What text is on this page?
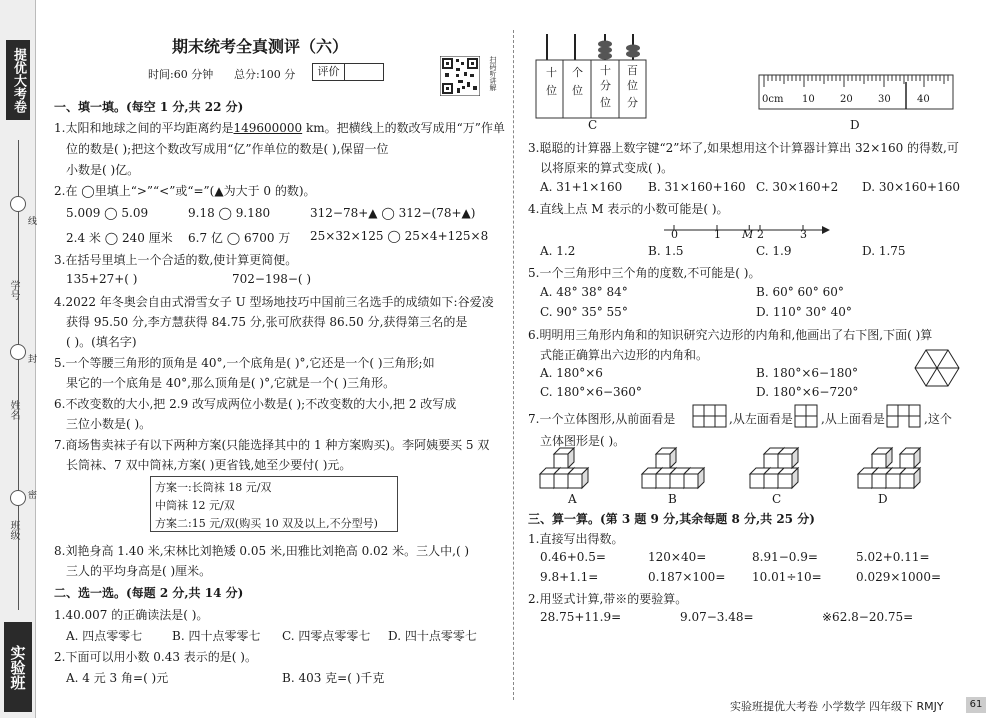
提优大考卷
学号
姓名
班级
实验班
线
封
密
期末统考全真测评（六）
时间:60 分钟 总分:100 分	评价	扫码听讲解
一、填一填。(每空 1 分,共 22 分)
1.太阳和地球之间的平均距离约是149600000 km。把横线上的数改写成用“万”作单
位的数是( );把这个数改写成用“亿”作单位的数是( ),保留一位
小数是( )亿。
2.在 ◯里填上“>”“<”或“=”(▲为大于 0 的数)。
5.009 ◯ 5.09	9.18 ◯ 9.180	312−78+▲ ◯ 312−(78+▲)
2.4 米 ◯ 240 厘米 6.7 亿 ◯ 6700 万 25×32×125 ◯ 25×4+125×8
3.在括号里填上一个合适的数,使计算更简便。
135+27+( )	702−198−( )
4.2022 年冬奥会自由式滑雪女子 U 型场地技巧中国前三名选手的成绩如下:谷爱凌
获得 95.50 分,李方慧获得 84.75 分,张可欣获得 86.50 分,获得第三名的是
( )。(填名字)
5.一个等腰三角形的顶角是 40°,一个底角是( )°,它还是一个( )三角形;如
果它的一个底角是 40°,那么顶角是( )°,它就是一个( )三角形。
6.不改变数的大小,把 2.9 改写成两位小数是( );不改变数的大小,把 2 改写成
三位小数是( )。
7.商场售卖袜子有以下两种方案(只能选择其中的 1 种方案购买)。李阿姨要买 5 双
长筒袜、7 双中筒袜,方案( )更省钱,她至少要付( )元。
方案一:长筒袜 18 元/双
中筒袜 12 元/双
方案二:15 元/双(购买 10 双及以上,不分型号)
8.刘艳身高 1.40 米,宋林比刘艳矮 0.05 米,田雅比刘艳高 0.02 米。三人中,( )
三人的平均身高是( )厘米。
二、选一选。(每题 2 分,共 14 分)
1.40.007 的正确读法是( )。
A. 四点零零七 B. 四十点零零七 C. 四零点零零七 D. 四十点零零七
2.下面可以用小数 0.43 表示的是( )。
A. 4 元 3 角=( )元	B. 403 克=( )千克
十
位
个
位
十
分
位
百
位
分
C
0cm 10	20	30	40
D
3.聪聪的计算器上数字键“2”坏了,如果想用这个计算器计算出 32×160 的得数,可
以将原来的算式变成( )。
A. 31+1×160 B. 31×160+160 C. 30×160+2 D. 30×160+160
4.直线上点 M 表示的小数可能是( )。
0	1 M 2	3
A. 1.2	B. 1.5	C. 1.9	D. 1.75
5.一个三角形中三个角的度数,不可能是( )。
A. 48° 38° 84°	B. 60° 60° 60°
C. 90° 35° 55°	D. 110° 30° 40°
6.明明用三角形内角和的知识研究六边形的内角和,他画出了右下图,下面( )算
式能正确算出六边形的内角和。
A. 180°×6	B. 180°×6−180°
C. 180°×6−360°	D. 180°×6−720°
7.一个立体图形,从前面看是	,从左面看是 ,从上面看是	,这个
立体图形是( )。
A	B	C	D
三、算一算。(第 3 题 9 分,其余每题 8 分,共 25 分)
1.直接写出得数。
0.46+0.5=	120×40=	8.91−0.9=	5.02+0.11=
9.8+1.1=	0.187×100= 10.01÷10=	0.029×1000=
2.用竖式计算,带※的要验算。
28.75+11.9=	9.07−3.48=	※62.8−20.75=
实验班提优大考卷 小学数学 四年级下 RMJY	61
